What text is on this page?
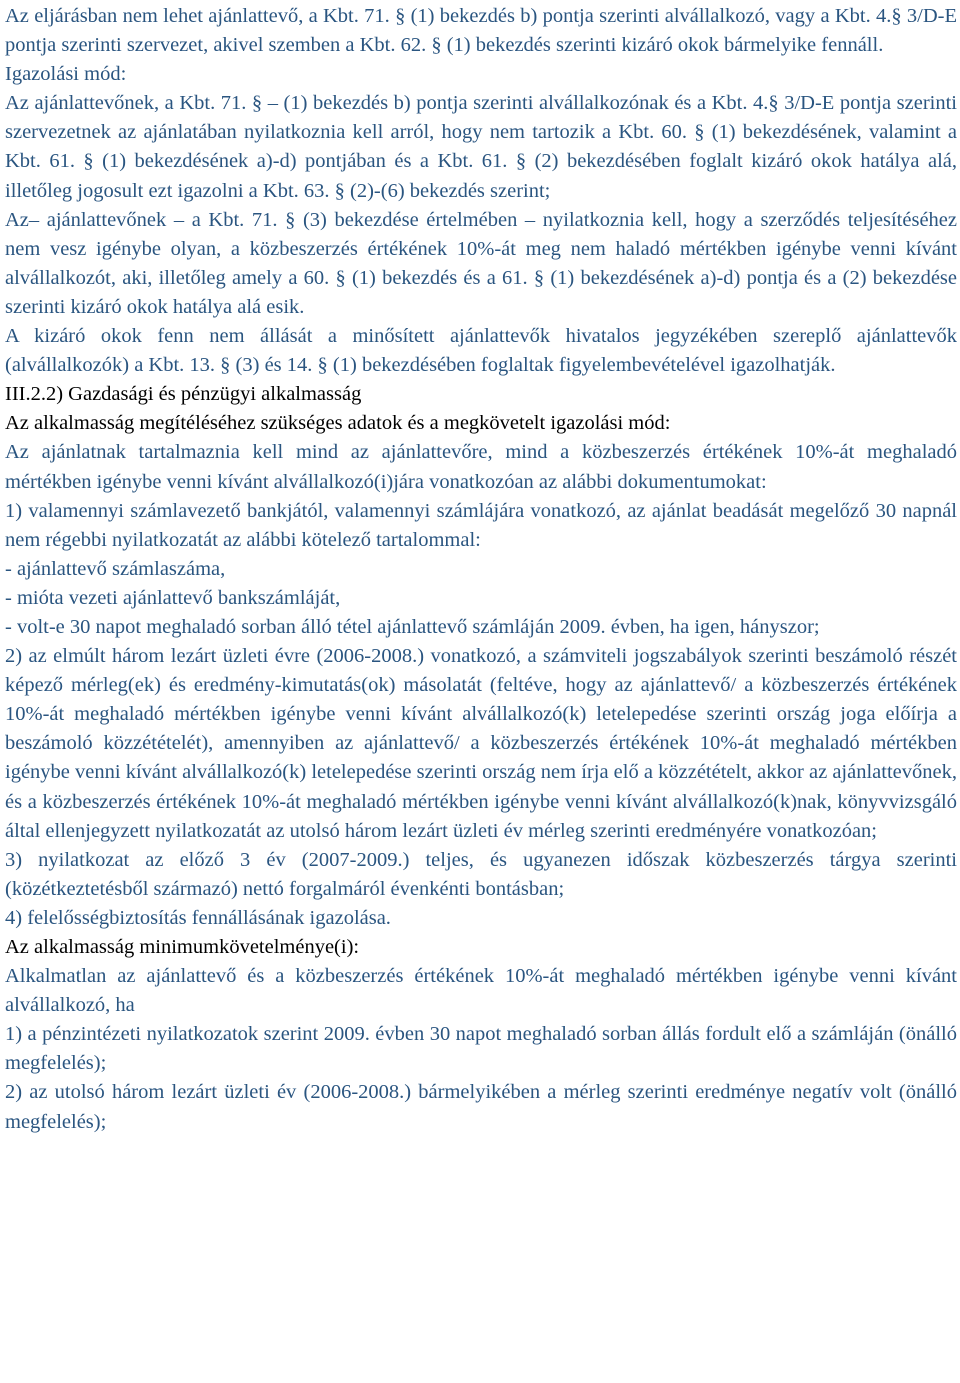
Az eljárásban nem lehet ajánlattevő, a Kbt. 71. § (1) bekezdés b) pontja szerinti alvállalkozó, vagy a Kbt. 4.§ 3/D-E pontja szerinti szervezet, akivel szemben a Kbt. 62. § (1) bekezdés szerinti kizáró okok bármelyike fennáll.

Igazolási mód:

Az ajánlattevőnek, a Kbt. 71. § – (1) bekezdés b) pontja szerinti alvállalkozónak és a Kbt. 4.§ 3/D-E pontja szerinti szervezetnek az ajánlatában nyilatkoznia kell arról, hogy nem tartozik a Kbt. 60. § (1) bekezdésének, valamint a Kbt. 61. § (1) bekezdésének a)-d) pontjában és a Kbt. 61. § (2) bekezdésében foglalt kizáró okok hatálya alá, illetőleg jogosult ezt igazolni a Kbt. 63. § (2)-(6) bekezdés szerint;

Az– ajánlattevőnek – a Kbt. 71. § (3) bekezdése értelmében – nyilatkoznia kell, hogy a szerződés teljesítéséhez nem vesz igénybe olyan, a közbeszerzés értékének 10%-át meg nem haladó mértékben igénybe venni kívánt alvállalkozót, aki, illetőleg amely a 60. § (1) bekezdés és a 61. § (1) bekezdésének a)-d) pontja és a (2) bekezdése szerinti kizáró okok hatálya alá esik.

A kizáró okok fenn nem állását a minősített ajánlattevők hivatalos jegyzékében szereplő ajánlattevők (alvállalkozók) a Kbt. 13. § (3) és 14. § (1) bekezdésében foglaltak figyelembevételével igazolhatják.

III.2.2) Gazdasági és pénzügyi alkalmasság

Az alkalmasság megítéléséhez szükséges adatok és a megkövetelt igazolási mód:

Az ajánlatnak tartalmaznia kell mind az ajánlattevőre, mind a közbeszerzés értékének 10%-át meghaladó mértékben igénybe venni kívánt alvállalkozó(i)jára vonatkozóan az alábbi dokumentumokat:

1) valamennyi számlavezető bankjától, valamennyi számlájára vonatkozó, az ajánlat beadását megelőző 30 napnál nem régebbi nyilatkozatát az alábbi kötelező tartalommal:

- ajánlattevő számlaszáma,

- mióta vezeti ajánlattevő bankszámláját,

- volt-e 30 napot meghaladó sorban álló tétel ajánlattevő számláján 2009. évben, ha igen, hányszor;

2) az elmúlt három lezárt üzleti évre (2006-2008.) vonatkozó, a számviteli jogszabályok szerinti beszámoló részét képező mérleg(ek) és eredmény-kimutatás(ok) másolatát (feltéve, hogy az ajánlattevő/ a közbeszerzés értékének 10%-át meghaladó mértékben igénybe venni kívánt alvállalkozó(k) letelepedése szerinti ország joga előírja a beszámoló közzétételét), amennyiben az ajánlattevő/ a közbeszerzés értékének 10%-át meghaladó mértékben igénybe venni kívánt alvállalkozó(k) letelepedése szerinti ország nem írja elő a közzétételt, akkor az ajánlattevőnek, és a közbeszerzés értékének 10%-át meghaladó mértékben igénybe venni kívánt alvállalkozó(k)nak, könyvvizsgáló által ellenjegyzett nyilatkozatát az utolsó három lezárt üzleti év mérleg szerinti eredményére vonatkozóan;

3) nyilatkozat az előző 3 év (2007-2009.) teljes, és ugyanezen időszak közbeszerzés tárgya szerinti (közétkeztetésből származó) nettó forgalmáról évenkénti bontásban;

4) felelősségbiztosítás fennállásának igazolása.

Az alkalmasság minimumkövetelménye(i):

Alkalmatlan az ajánlattevő és a közbeszerzés értékének 10%-át meghaladó mértékben igénybe venni kívánt alvállalkozó, ha

1) a pénzintézeti nyilatkozatok szerint 2009. évben 30 napot meghaladó sorban állás fordult elő a számláján (önálló megfelelés);

2) az utolsó három lezárt üzleti év (2006-2008.) bármelyikében a mérleg szerinti eredménye negatív volt (önálló megfelelés);
